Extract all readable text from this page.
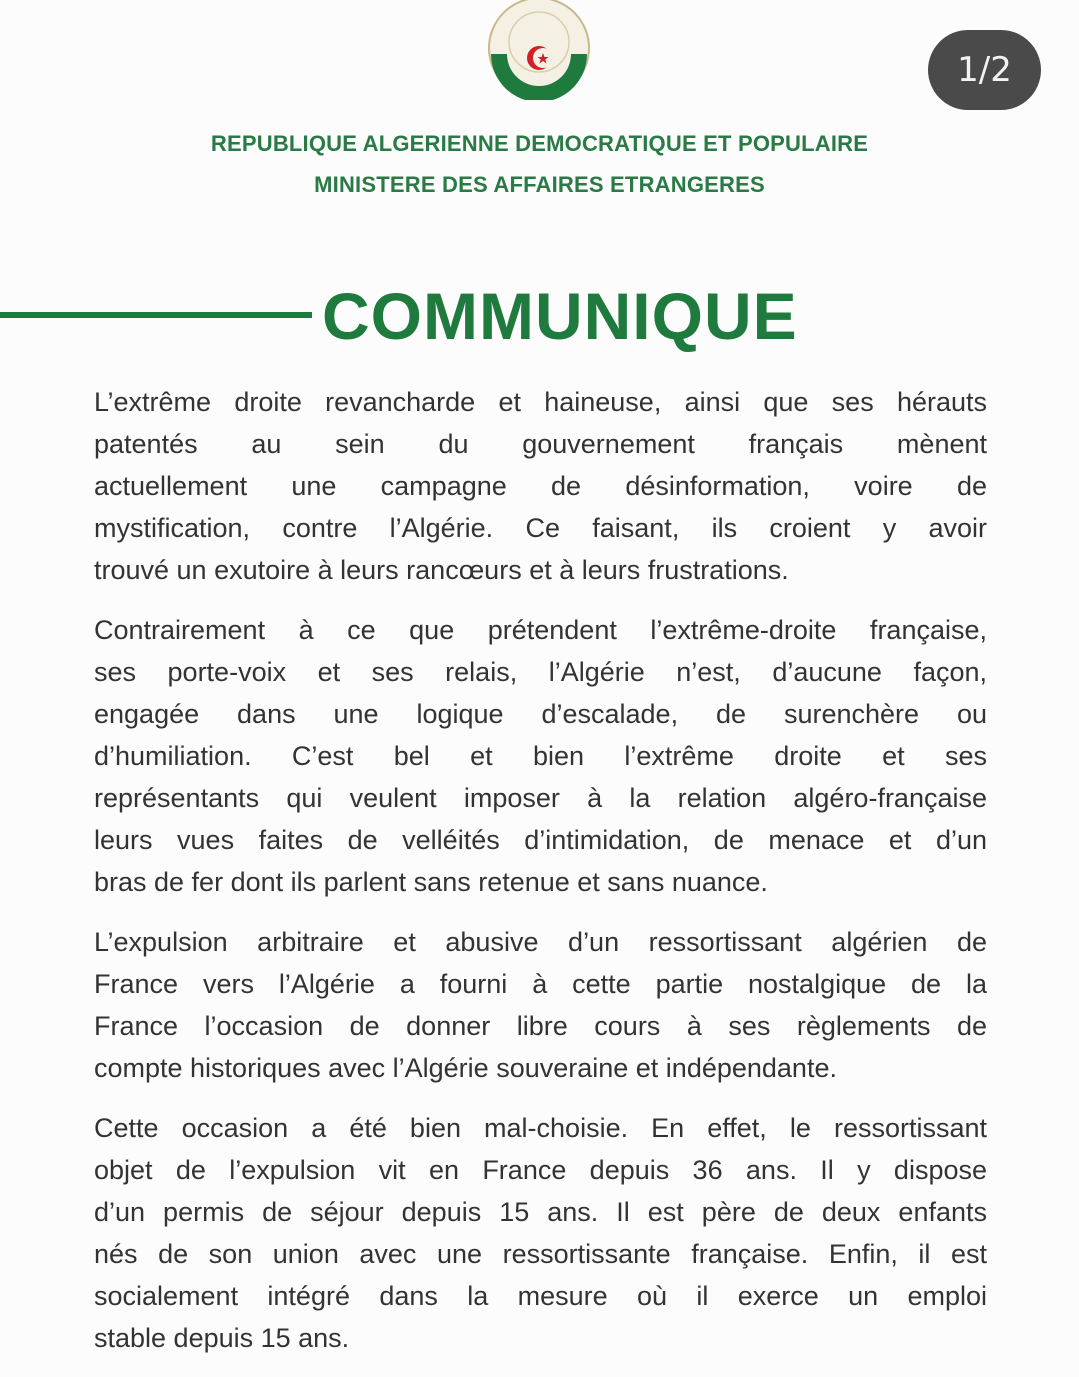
1/2
REPUBLIQUE ALGERIENNE DEMOCRATIQUE ET POPULAIRE
MINISTERE DES AFFAIRES ETRANGERES
COMMUNIQUE
L’extrême droite revancharde et haineuse, ainsi que ses hérauts
patentés au sein du gouvernement français mènent
actuellement une campagne de désinformation, voire de
mystification, contre l’Algérie. Ce faisant, ils croient y avoir
trouvé un exutoire à leurs rancœurs et à leurs frustrations.
Contrairement à ce que prétendent l’extrême-droite française,
ses porte-voix et ses relais, l’Algérie n’est, d’aucune façon,
engagée dans une logique d’escalade, de surenchère ou
d’humiliation. C’est bel et bien l’extrême droite et ses
représentants qui veulent imposer à la relation algéro-française
leurs vues faites de velléités d’intimidation, de menace et d’un
bras de fer dont ils parlent sans retenue et sans nuance.
L’expulsion arbitraire et abusive d’un ressortissant algérien de
France vers l’Algérie a fourni à cette partie nostalgique de la
France l’occasion de donner libre cours à ses règlements de
compte historiques avec l’Algérie souveraine et indépendante.
Cette occasion a été bien mal-choisie. En effet, le ressortissant
objet de l’expulsion vit en France depuis 36 ans. Il y dispose
d’un permis de séjour depuis 15 ans. Il est père de deux enfants
nés de son union avec une ressortissante française. Enfin, il est
socialement intégré dans la mesure où il exerce un emploi
stable depuis 15 ans.
